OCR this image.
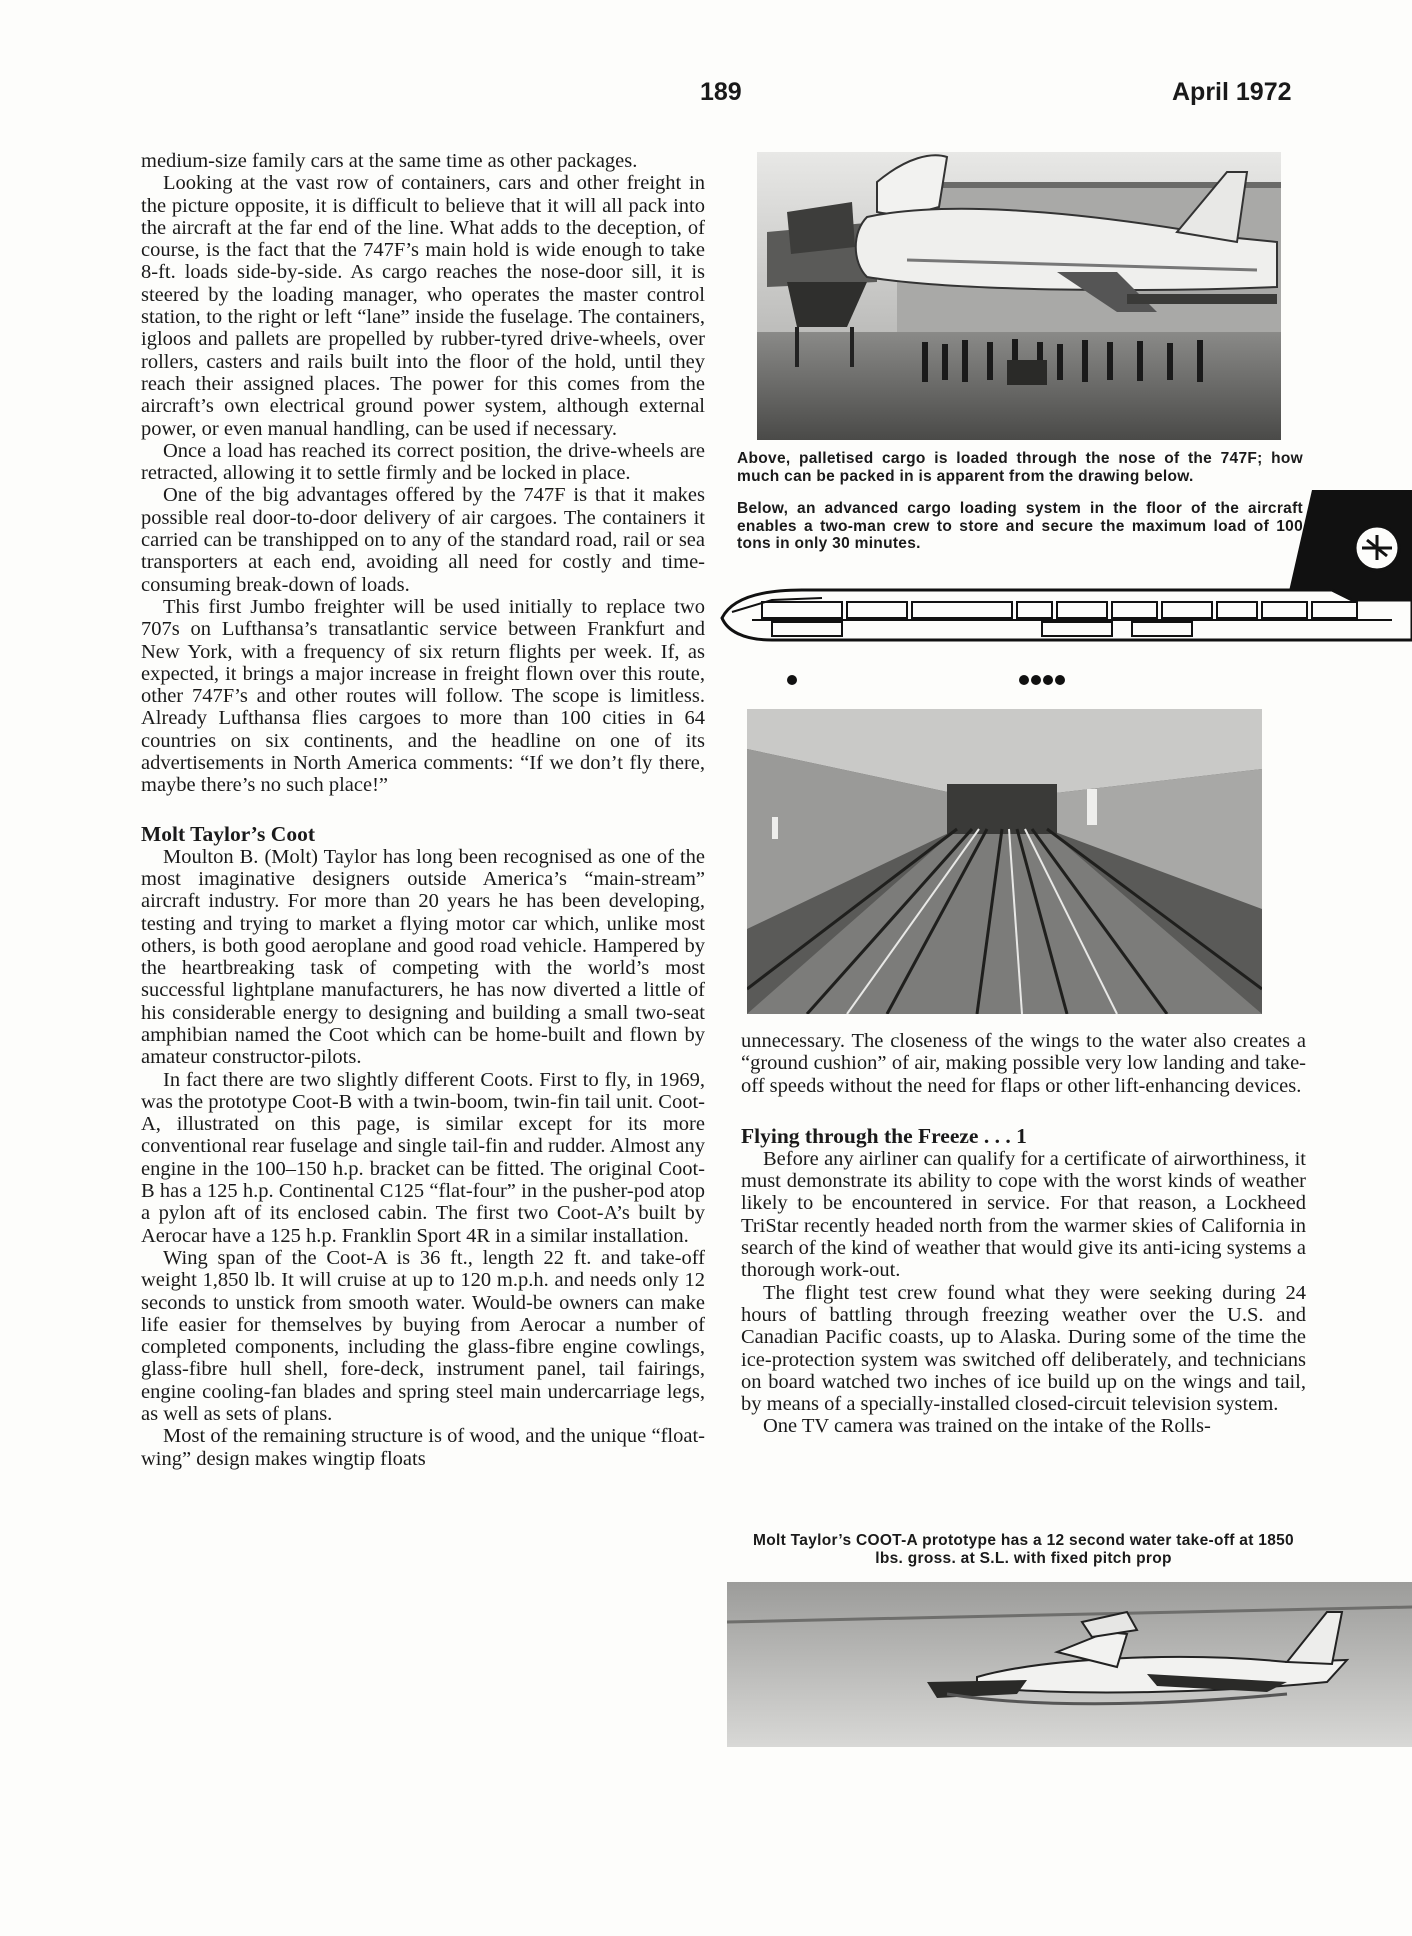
189	April 1972

medium-size family cars at the same time as other packages.

Looking at the vast row of containers, cars and other freight in the picture opposite, it is difficult to believe that it will all pack into the aircraft at the far end of the line. What adds to the deception, of course, is the fact that the 747F’s main hold is wide enough to take 8-ft. loads side-by-side. As cargo reaches the nose-door sill, it is steered by the loading manager, who operates the master control station, to the right or left “lane” inside the fuselage. The containers, igloos and pallets are propelled by rubber-tyred drive-wheels, over rollers, casters and rails built into the floor of the hold, until they reach their assigned places. The power for this comes from the aircraft’s own electrical ground power system, although external power, or even manual handling, can be used if necessary.

Once a load has reached its correct position, the drive-wheels are retracted, allowing it to settle firmly and be locked in place.

One of the big advantages offered by the 747F is that it makes possible real door-to-door delivery of air cargoes. The containers it carried can be transhipped on to any of the standard road, rail or sea transporters at each end, avoiding all need for costly and time-consuming break-down of loads.

This first Jumbo freighter will be used initially to replace two 707s on Lufthansa’s transatlantic service between Frankfurt and New York, with a frequency of six return flights per week. If, as expected, it brings a major increase in freight flown over this route, other 747F’s and other routes will follow. The scope is limitless. Already Lufthansa flies cargoes to more than 100 cities in 64 countries on six continents, and the headline on one of its advertisements in North America comments: “If we don’t fly there, maybe there’s no such place!”

Molt Taylor’s Coot

Moulton B. (Molt) Taylor has long been recognised as one of the most imaginative designers outside America’s “main-stream” aircraft industry. For more than 20 years he has been developing, testing and trying to market a flying motor car which, unlike most others, is both good aeroplane and good road vehicle. Hampered by the heartbreaking task of competing with the world’s most successful lightplane manufacturers, he has now diverted a little of his considerable energy to designing and building a small two-seat amphibian named the Coot which can be home-built and flown by amateur constructor-pilots.

In fact there are two slightly different Coots. First to fly, in 1969, was the prototype Coot-B with a twin-boom, twin-fin tail unit. Coot-A, illustrated on this page, is similar except for its more conventional rear fuselage and single tail-fin and rudder. Almost any engine in the 100–150 h.p. bracket can be fitted. The original Coot-B has a 125 h.p. Continental C125 “flat-four” in the pusher-pod atop a pylon aft of its enclosed cabin. The first two Coot-A’s built by Aerocar have a 125 h.p. Franklin Sport 4R in a similar installation.

Wing span of the Coot-A is 36 ft., length 22 ft. and take-off weight 1,850 lb. It will cruise at up to 120 m.p.h. and needs only 12 seconds to unstick from smooth water. Would-be owners can make life easier for themselves by buying from Aerocar a number of completed components, including the glass-fibre engine cowlings, glass-fibre hull shell, fore-deck, instrument panel, tail fairings, engine cooling-fan blades and spring steel main undercarriage legs, as well as sets of plans.

Most of the remaining structure is of wood, and the unique “float-wing” design makes wingtip floats

Above, palletised cargo is loaded through the nose of the 747F; how much can be packed in is apparent from the drawing below.
Below, an advanced cargo loading system in the floor of the aircraft enables a two-man crew to store and secure the maximum load of 100 tons in only 30 minutes.

unnecessary. The closeness of the wings to the water also creates a “ground cushion” of air, making possible very low landing and take-off speeds without the need for flaps or other lift-enhancing devices.

Flying through the Freeze . . . 1

Before any airliner can qualify for a certificate of airworthiness, it must demonstrate its ability to cope with the worst kinds of weather likely to be encountered in service. For that reason, a Lockheed TriStar recently headed north from the warmer skies of California in search of the kind of weather that would give its anti-icing systems a thorough work-out.

The flight test crew found what they were seeking during 24 hours of battling through freezing weather over the U.S. and Canadian Pacific coasts, up to Alaska. During some of the time the ice-protection system was switched off deliberately, and technicians on board watched two inches of ice build up on the wings and tail, by means of a specially-installed closed-circuit television system.

One TV camera was trained on the intake of the Rolls-

Molt Taylor’s COOT-A prototype has a 12 second water take-off at 1850 lbs. gross. at S.L. with fixed pitch prop
